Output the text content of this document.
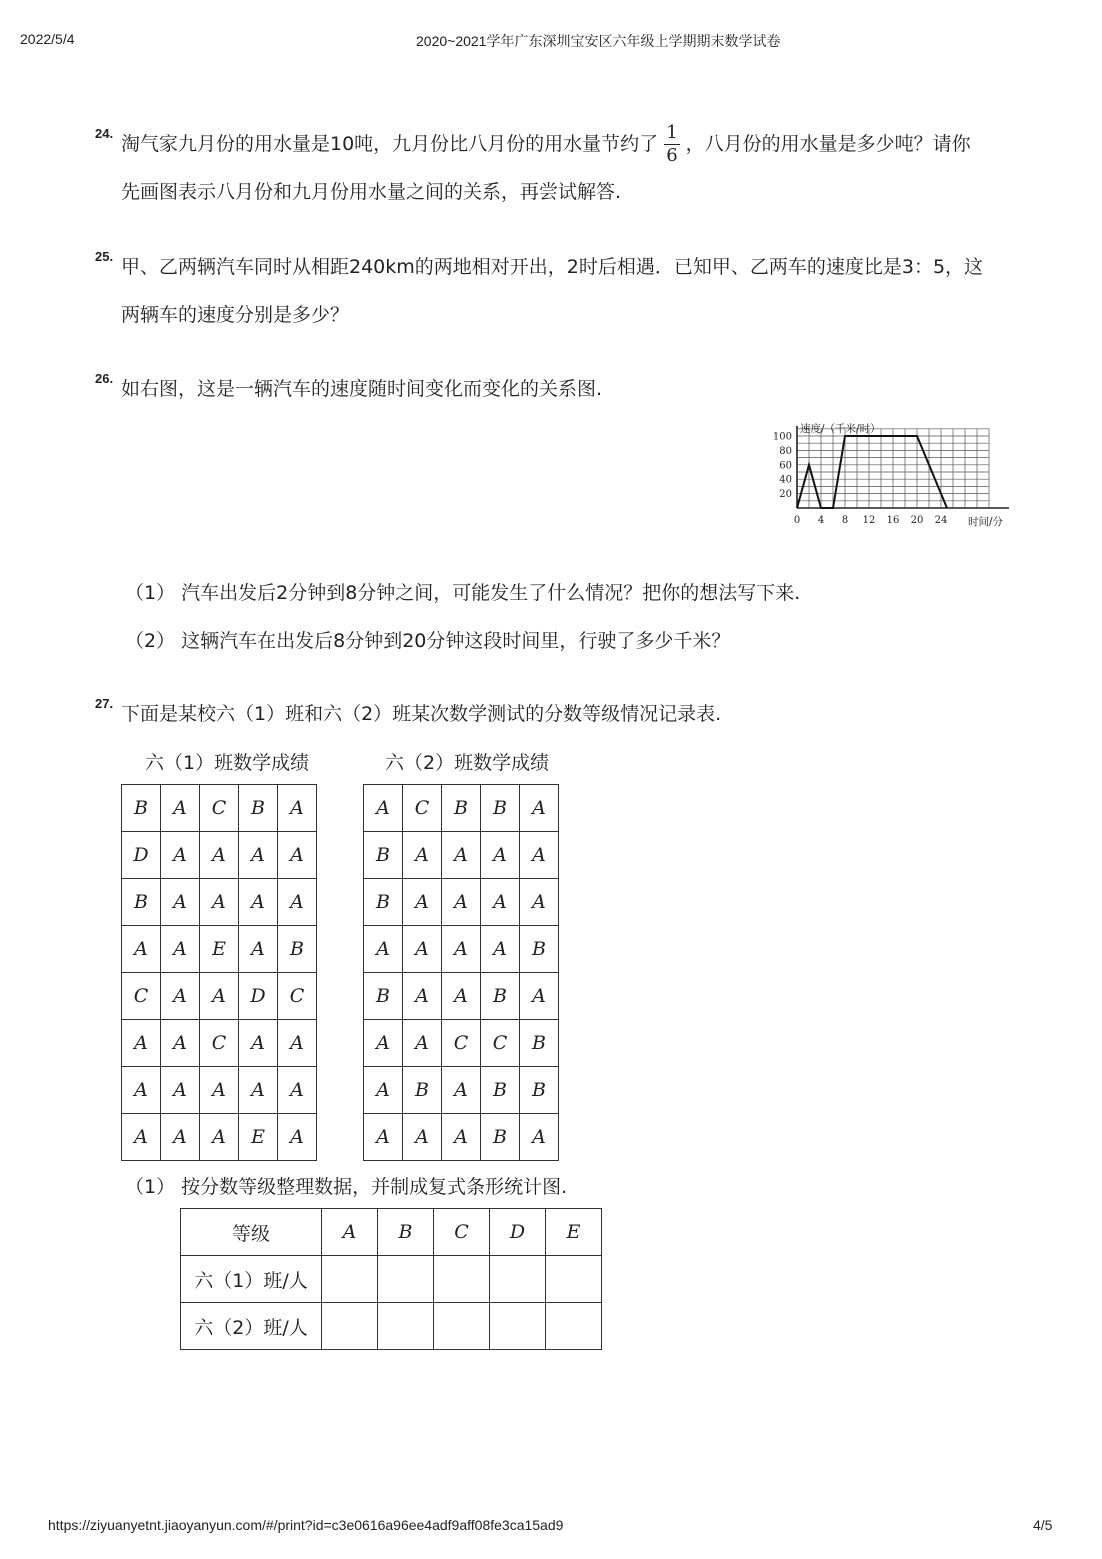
2022/5/4	2020~2021学年广东深圳宝安区六年级上学期期末数学试卷
24. 淘气家九月份的用水量是10吨，九月份比八月份的用水量节约了 $\frac{1}{6}$ ，八月份的用水量是多少吨？请你
先画图表示八月份和九月份用水量之间的关系，再尝试解答.
25. 甲、乙两辆汽车同时从相距240km的两地相对开出，2时后相遇．已知甲、乙两车的速度比是3：5，这
两辆车的速度分别是多少？
26. 如右图，这是一辆汽车的速度随时间变化而变化的关系图.
0 4 8 12 16 20 24
20
40
60
80
100
速度/（千米/时）
时间/分
（1） 汽车出发后2分钟到8分钟之间，可能发生了什么情况？把你的想法写下来.
（2） 这辆汽车在出发后8分钟到20分钟这段时间里，行驶了多少千米？
27. 下面是某校六（1）班和六（2）班某次数学测试的分数等级情况记录表.
六（1）班数学成绩	六（2）班数学成绩
B	A	C	B	A
D	A	A	A	A
B	A	A	A	A
A	A	E	A	B
C	A	A	D	C
A	A	C	A	A
A	A	A	A	A
A	A	A	E	A
A	C	B	B	A
B	A	A	A	A
B	A	A	A	A
A	A	A	A	B
B	A	A	B	A
A	A	C	C	B
A	B	A	B	B
A	A	A	B	A
（1） 按分数等级整理数据，并制成复式条形统计图.
等级	A	B	C	D	E
六（1）班/人					
六（2）班/人					
https://ziyuanyetnt.jiaoyanyun.com/#/print?id=c3e0616a96ee4adf9aff08fe3ca15ad9	4/5
